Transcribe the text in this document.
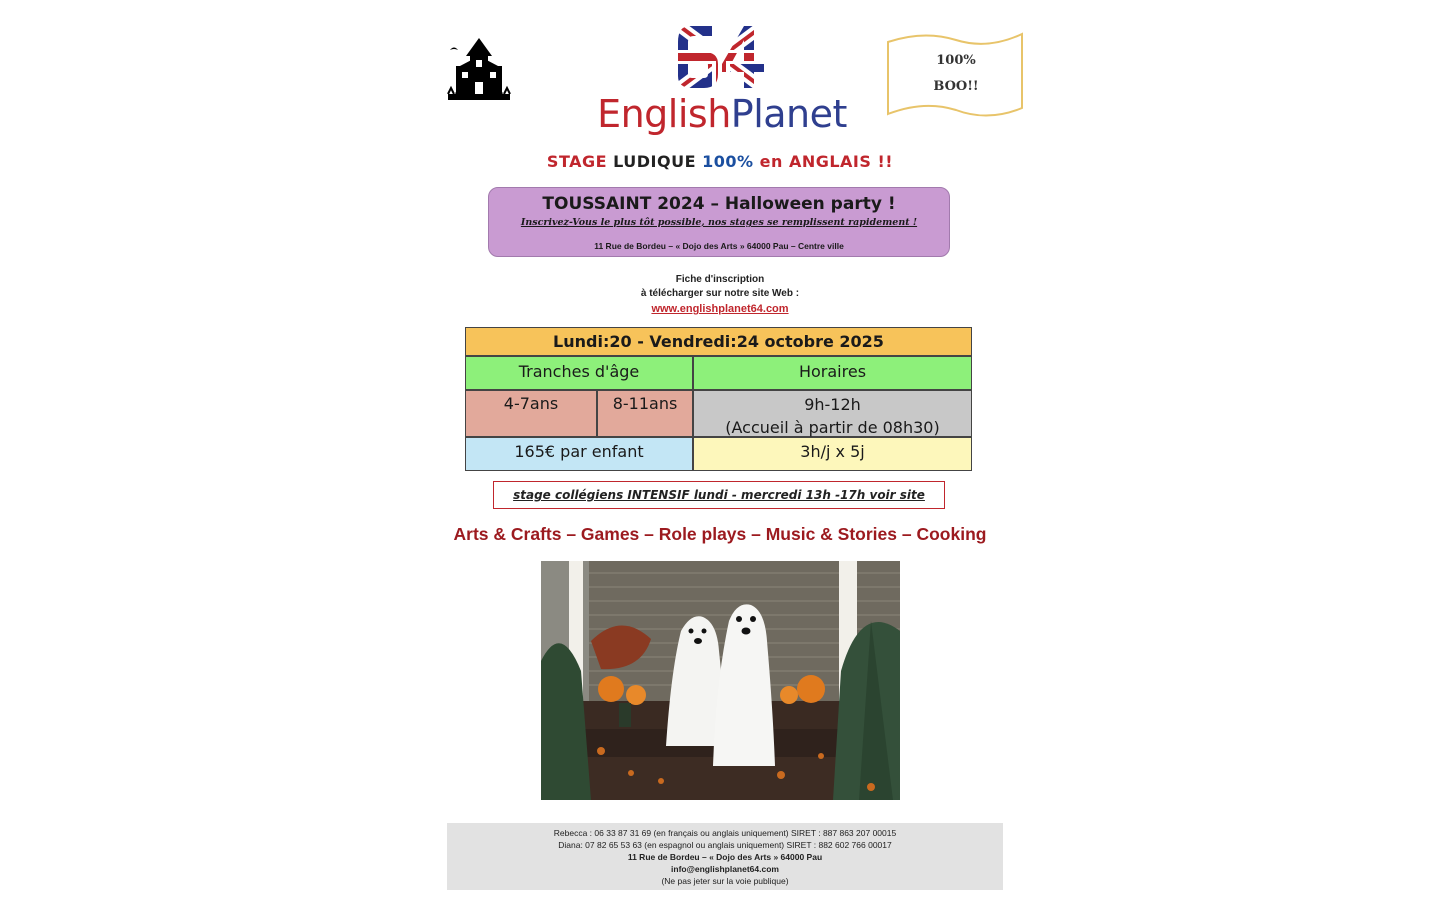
EnglishPlanet
100%
BOO!!
STAGE LUDIQUE 100% en ANGLAIS !!
TOUSSAINT 2024 – Halloween party !
Inscrivez-Vous le plus tôt possible, nos stages se remplissent rapidement !
11 Rue de Bordeu – « Dojo des Arts » 64000 Pau – Centre ville
Fiche d'inscription
à télécharger sur notre site Web :
www.englishplanet64.com
Lundi:20 - Vendredi:24 octobre 2025
Tranches d'âge	Horaires
4-7ans	8-11ans	9h-12h
(Accueil à partir de 08h30)
165€ par enfant	3h/j x 5j
stage collégiens INTENSIF lundi - mercredi 13h -17h voir site
Arts & Crafts – Games – Role plays – Music & Stories – Cooking
Rebecca : 06 33 87 31 69 (en français ou anglais uniquement) SIRET : 887 863 207 00015
Diana: 07 82 65 53 63 (en espagnol ou anglais uniquement) SIRET : 882 602 766 00017
11 Rue de Bordeu – « Dojo des Arts » 64000 Pau
info@englishplanet64.com
(Ne pas jeter sur la voie publique)
